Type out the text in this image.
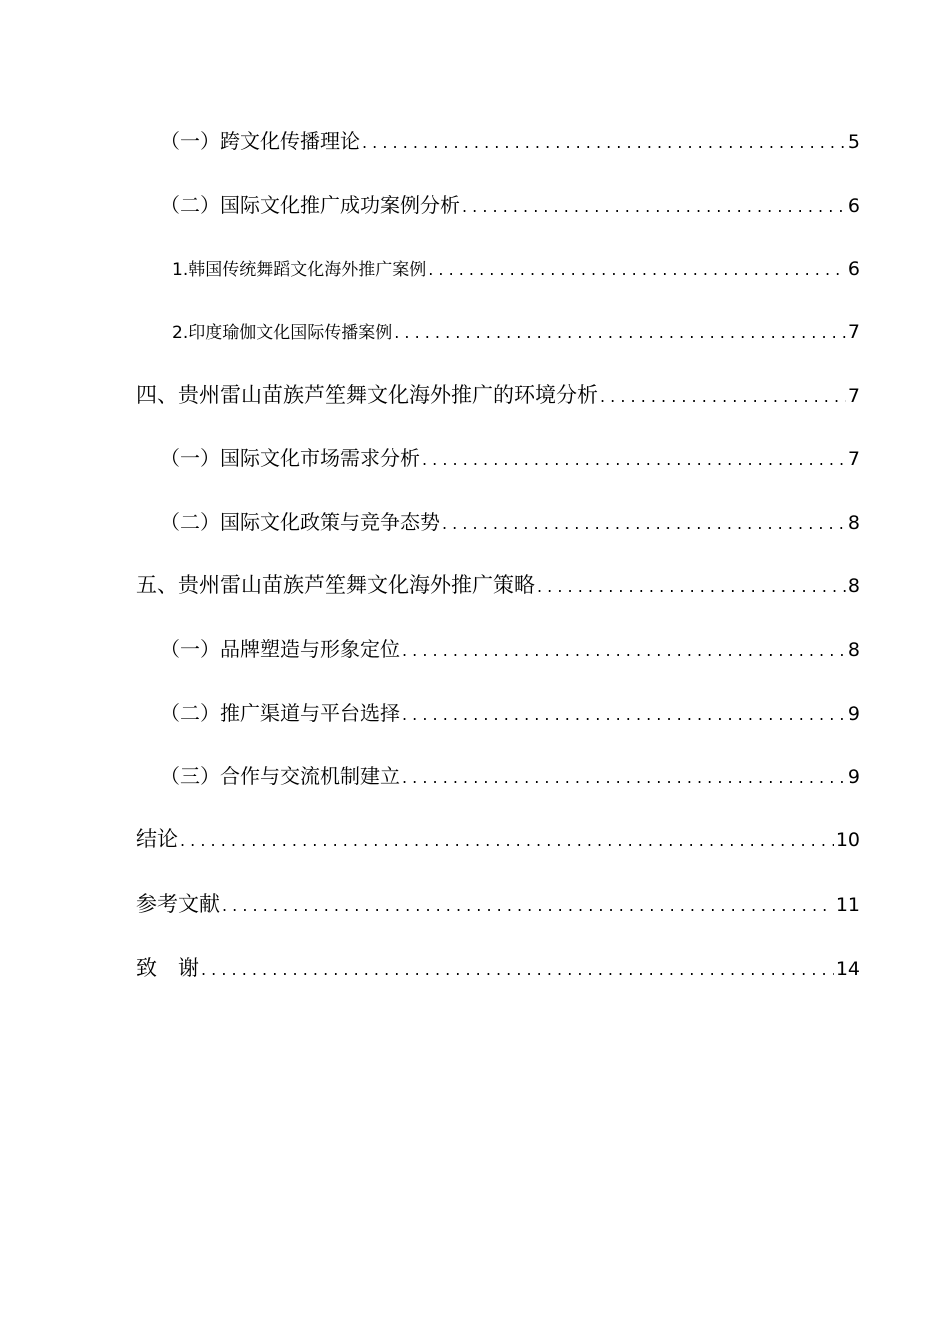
（一）跨文化传播理论 . . .	5
（二）国际文化推广成功案例分析 . . .	6
1.韩国传统舞蹈文化海外推广案例 . . .	6
2.印度瑜伽文化国际传播案例 . . .	7
四、贵州雷山苗族芦笙舞文化海外推广的环境分析 . . .	7
（一）国际文化市场需求分析 . . .	7
（二）国际文化政策与竞争态势 . . .	8
五、贵州雷山苗族芦笙舞文化海外推广策略 . . .	8
（一）品牌塑造与形象定位 . . .	8
（二）推广渠道与平台选择 . . .	9
（三）合作与交流机制建立 . . .	9
结论 . . .	10
参考文献 . . .	11
致　谢 . . .	14
